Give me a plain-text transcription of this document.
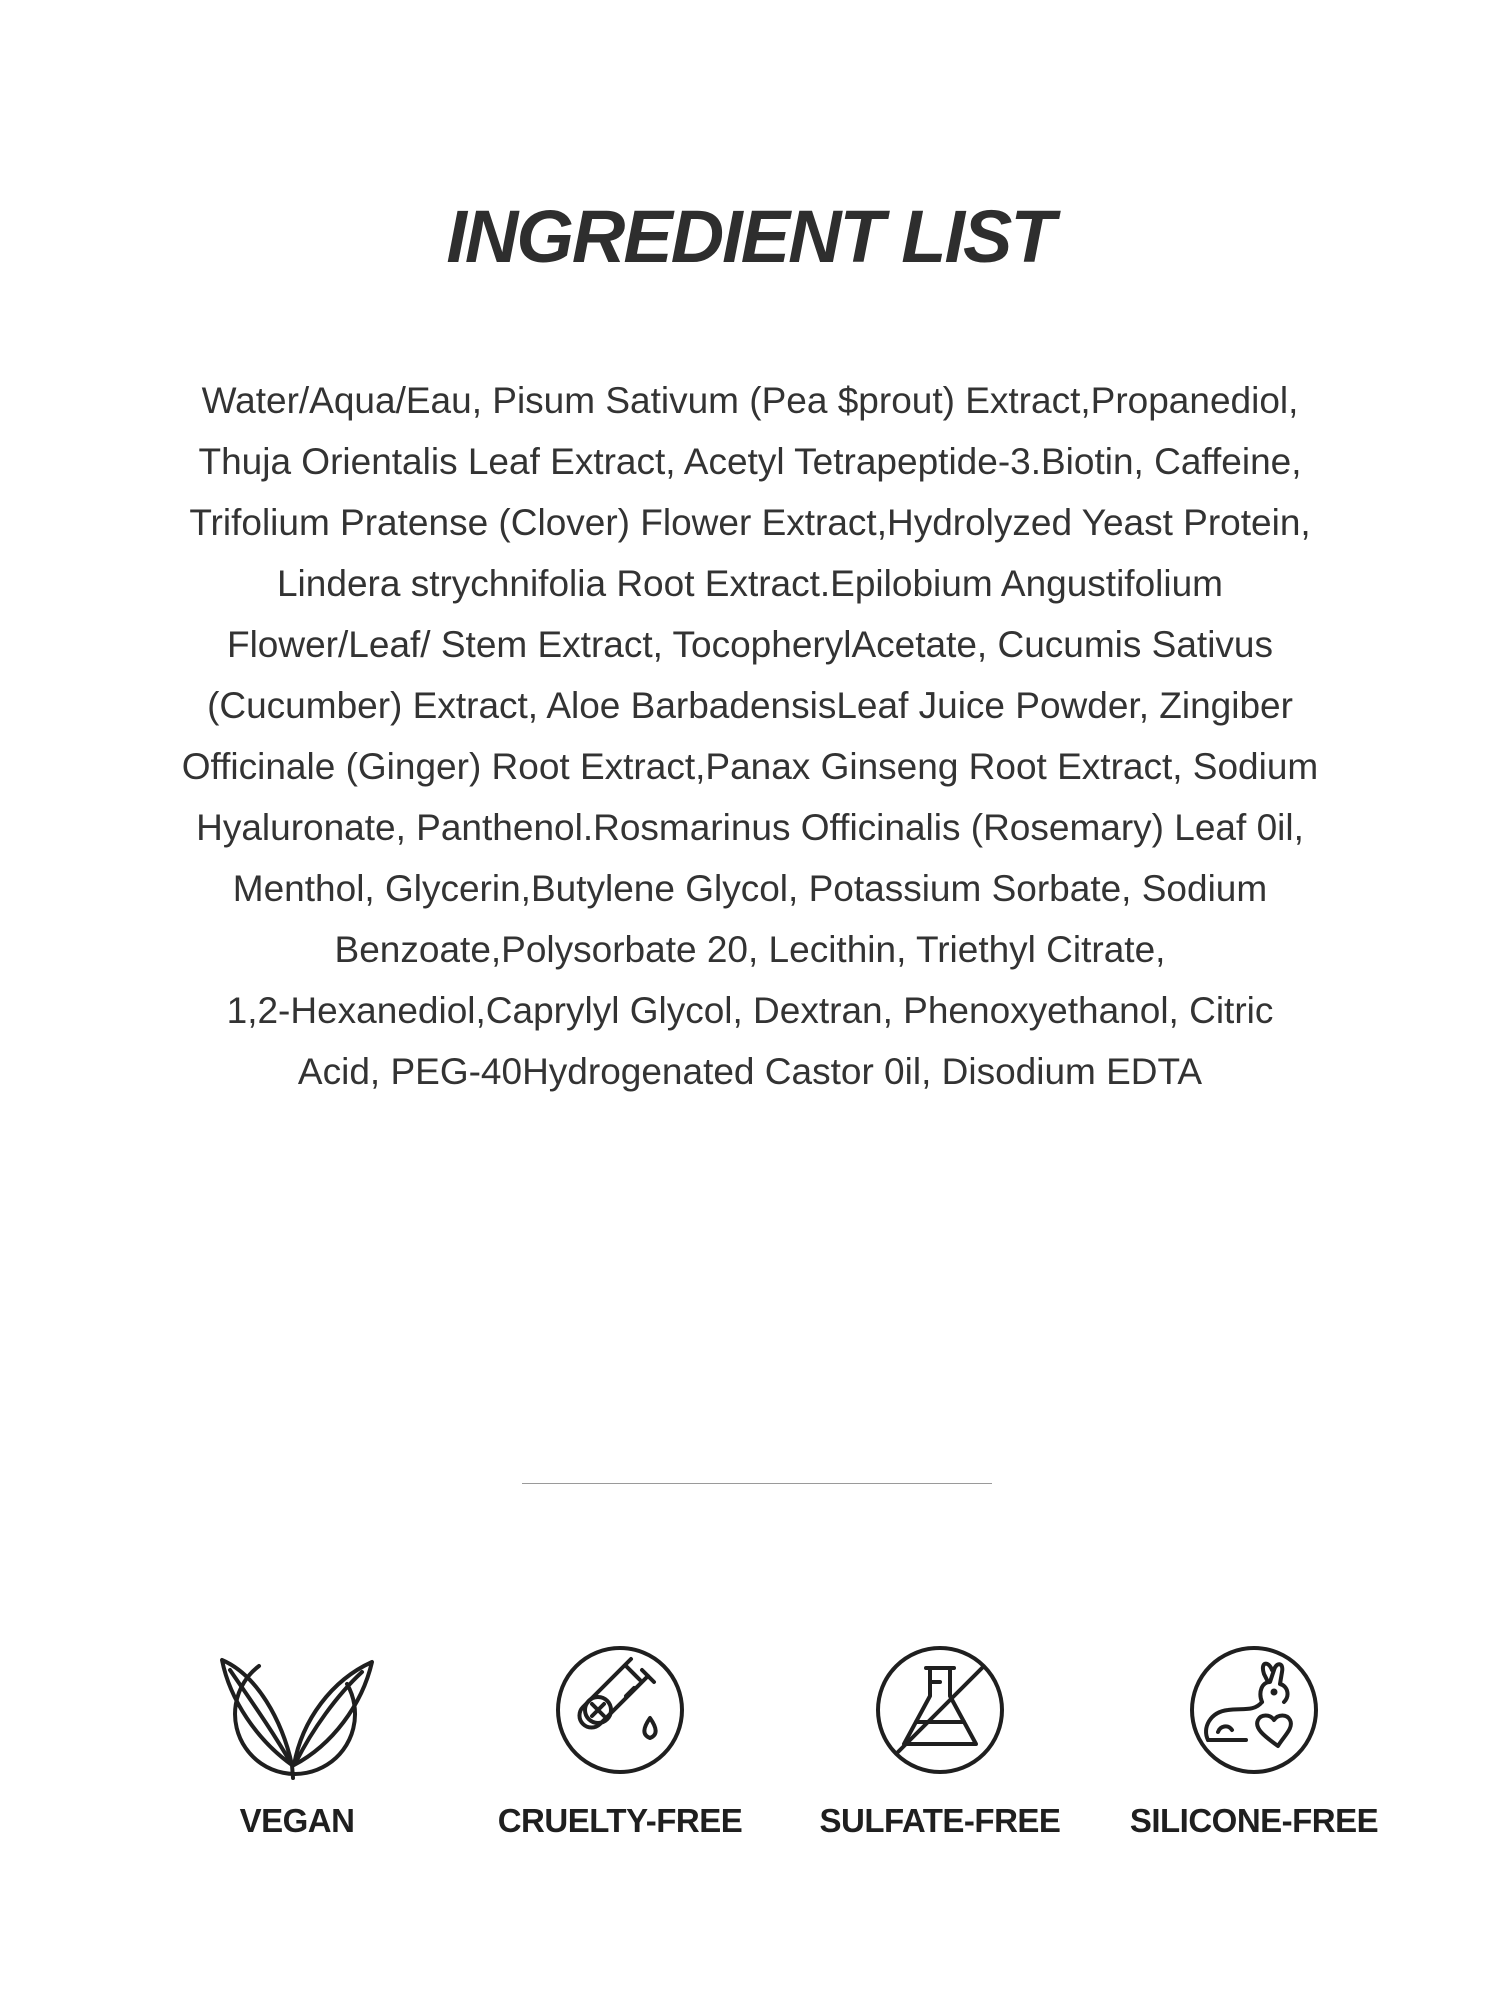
INGREDIENT LIST
Water/Aqua/Eau, Pisum Sativum (Pea $prout) Extract,Propanediol,
Thuja Orientalis Leaf Extract, Acetyl Tetrapeptide-3.Biotin, Caffeine,
Trifolium Pratense (Clover) Flower Extract,Hydrolyzed Yeast Protein,
Lindera strychnifolia Root Extract.Epilobium Angustifolium
Flower/Leaf/ Stem Extract, TocopherylAcetate, Cucumis Sativus
(Cucumber) Extract, Aloe BarbadensisLeaf Juice Powder, Zingiber
Officinale (Ginger) Root Extract,Panax Ginseng Root Extract, Sodium
Hyaluronate, Panthenol.Rosmarinus Officinalis (Rosemary) Leaf 0il,
Menthol, Glycerin,Butylene Glycol, Potassium Sorbate, Sodium
Benzoate,Polysorbate 20, Lecithin, Triethyl Citrate,
1,2-Hexanediol,Caprylyl Glycol, Dextran, Phenoxyethanol, Citric
Acid, PEG-40Hydrogenated Castor 0il, Disodium EDTA
VEGAN	CRUELTY-FREE	SULFATE-FREE	SILICONE-FREE
